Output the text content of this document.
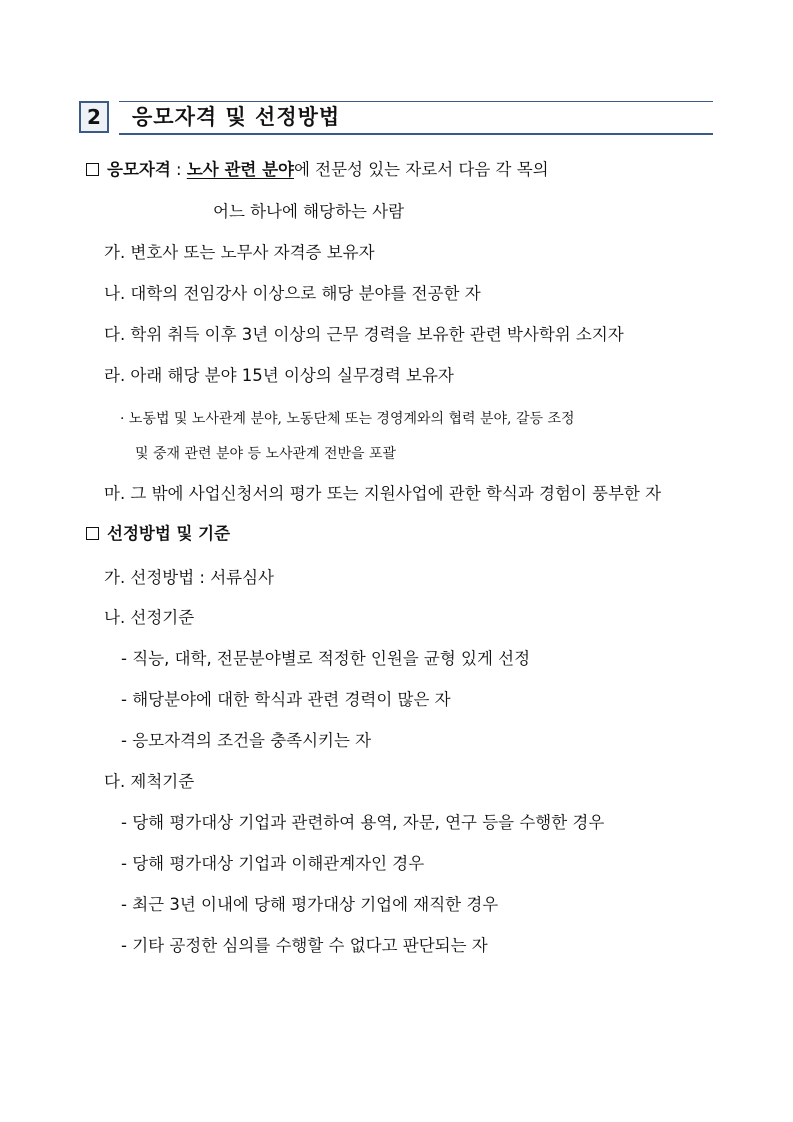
2	응모자격 및 선정방법
응모자격 : 노사 관련 분야에 전문성 있는 자로서 다음 각 목의
어느 하나에 해당하는 사람
가. 변호사 또는 노무사 자격증 보유자
나. 대학의 전임강사 이상으로 해당 분야를 전공한 자
다. 학위 취득 이후 3년 이상의 근무 경력을 보유한 관련 박사학위 소지자
라. 아래 해당 분야 15년 이상의 실무경력 보유자
· 노동법 및 노사관계 분야, 노동단체 또는 경영계와의 협력 분야, 갈등 조정
및 중재 관련 분야 등 노사관계 전반을 포괄
마. 그 밖에 사업신청서의 평가 또는 지원사업에 관한 학식과 경험이 풍부한 자
선정방법 및 기준
가. 선정방법 : 서류심사
나. 선정기준
- 직능, 대학, 전문분야별로 적정한 인원을 균형 있게 선정
- 해당분야에 대한 학식과 관련 경력이 많은 자
- 응모자격의 조건을 충족시키는 자
다. 제척기준
- 당해 평가대상 기업과 관련하여 용역, 자문, 연구 등을 수행한 경우
- 당해 평가대상 기업과 이해관계자인 경우
- 최근 3년 이내에 당해 평가대상 기업에 재직한 경우
- 기타 공정한 심의를 수행할 수 없다고 판단되는 자
